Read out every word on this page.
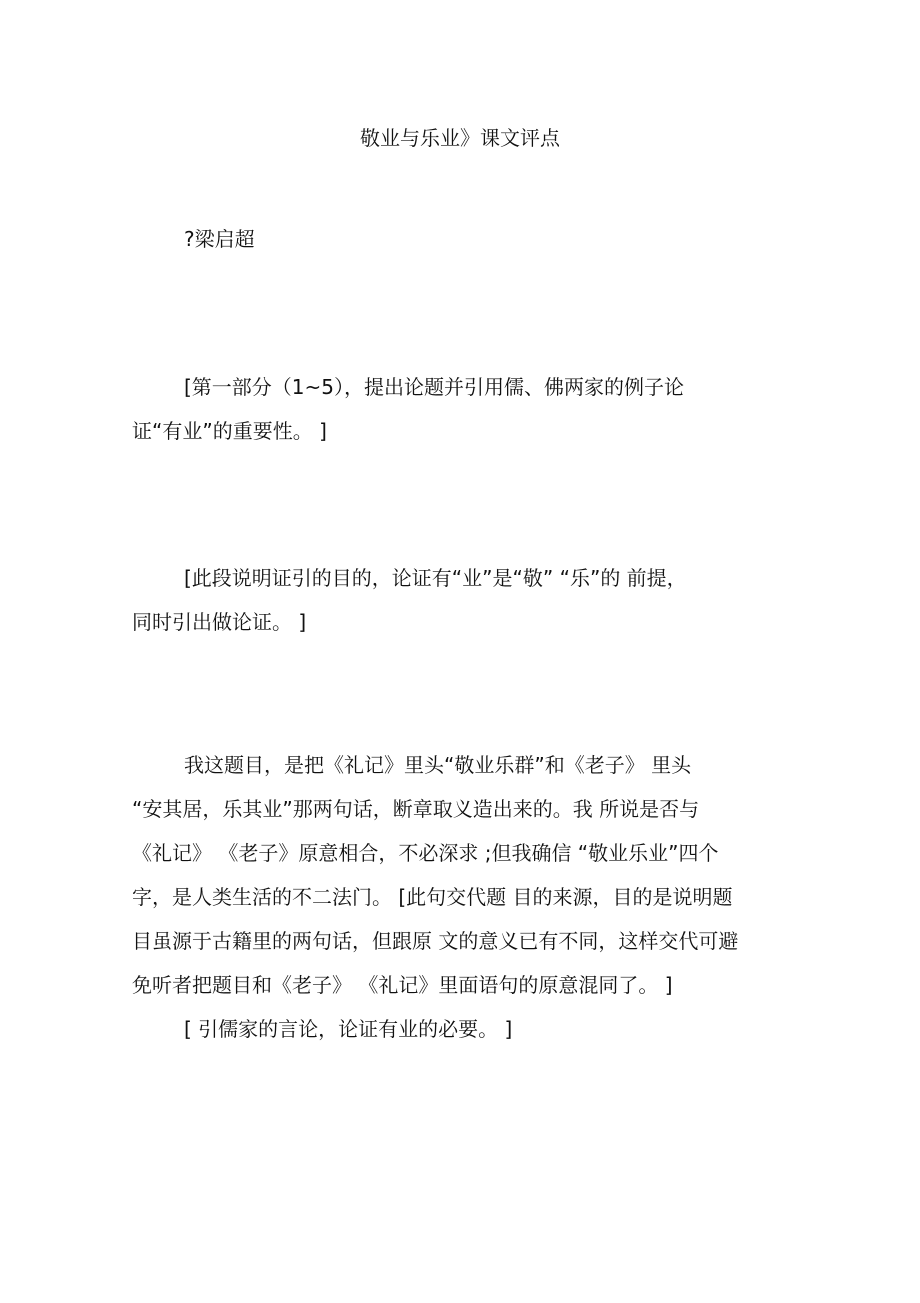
敬业与乐业》课文评点

?梁启超

[第一部分（1~5），提出论题并引用儒、佛两家的例子论
证“有业”的重要性。 ]
[此段说明证引的目的，论证有“业”是“敬” “乐”的 前提，
同时引出做论证。 ]
我这题目，是把《礼记》里头“敬业乐群”和《老子》 里头
“安其居，乐其业”那两句话，断章取义造出来的。我 所说是否与
《礼记》 《老子》原意相合，不必深求 ;但我确信 “敬业乐业”四个
字，是人类生活的不二法门。 [此句交代题 目的来源，目的是说明题
目虽源于古籍里的两句话，但跟原 文的意义已有不同，这样交代可避
免听者把题目和《老子》 《礼记》里面语句的原意混同了。 ]
[ 引儒家的言论，论证有业的必要。 ]
